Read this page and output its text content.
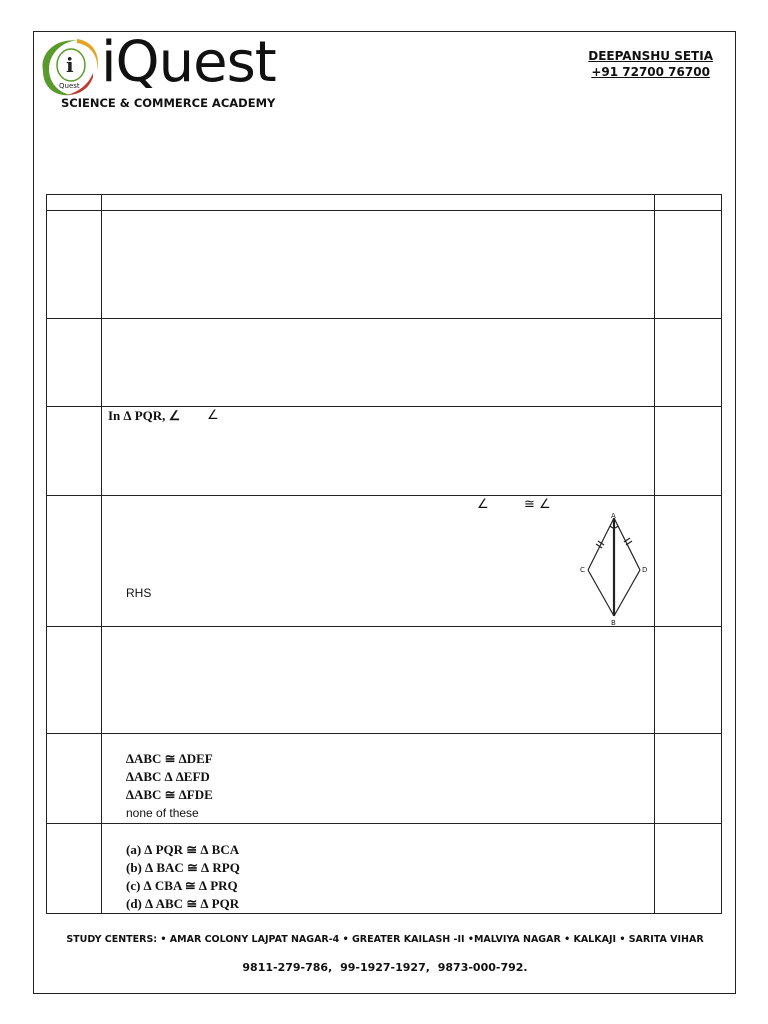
i
Quest iQuest
SCIENCE & COMMERCE ACADEMY
DEEPANSHU SETIA
+91 72700 76700
In ∆ PQR, ∠ ∠
∠	≅ ∠
RHS
A
B
C	D
∆ABC ≅ ∆DEF
∆ABC ∆ ∆EFD
∆ABC ≅ ∆FDE
none of these
(a) ∆ PQR ≅ ∆ BCA
(b) ∆ BAC ≅ ∆ RPQ
(c) ∆ CBA ≅ ∆ PRQ
(d) ∆ ABC ≅ ∆ PQR
STUDY CENTERS: • AMAR COLONY LAJPAT NAGAR-4 • GREATER KAILASH -II •MALVIYA NAGAR • KALKAJI • SARITA VIHAR
9811-279-786, 99-1927-1927, 9873-000-792.
